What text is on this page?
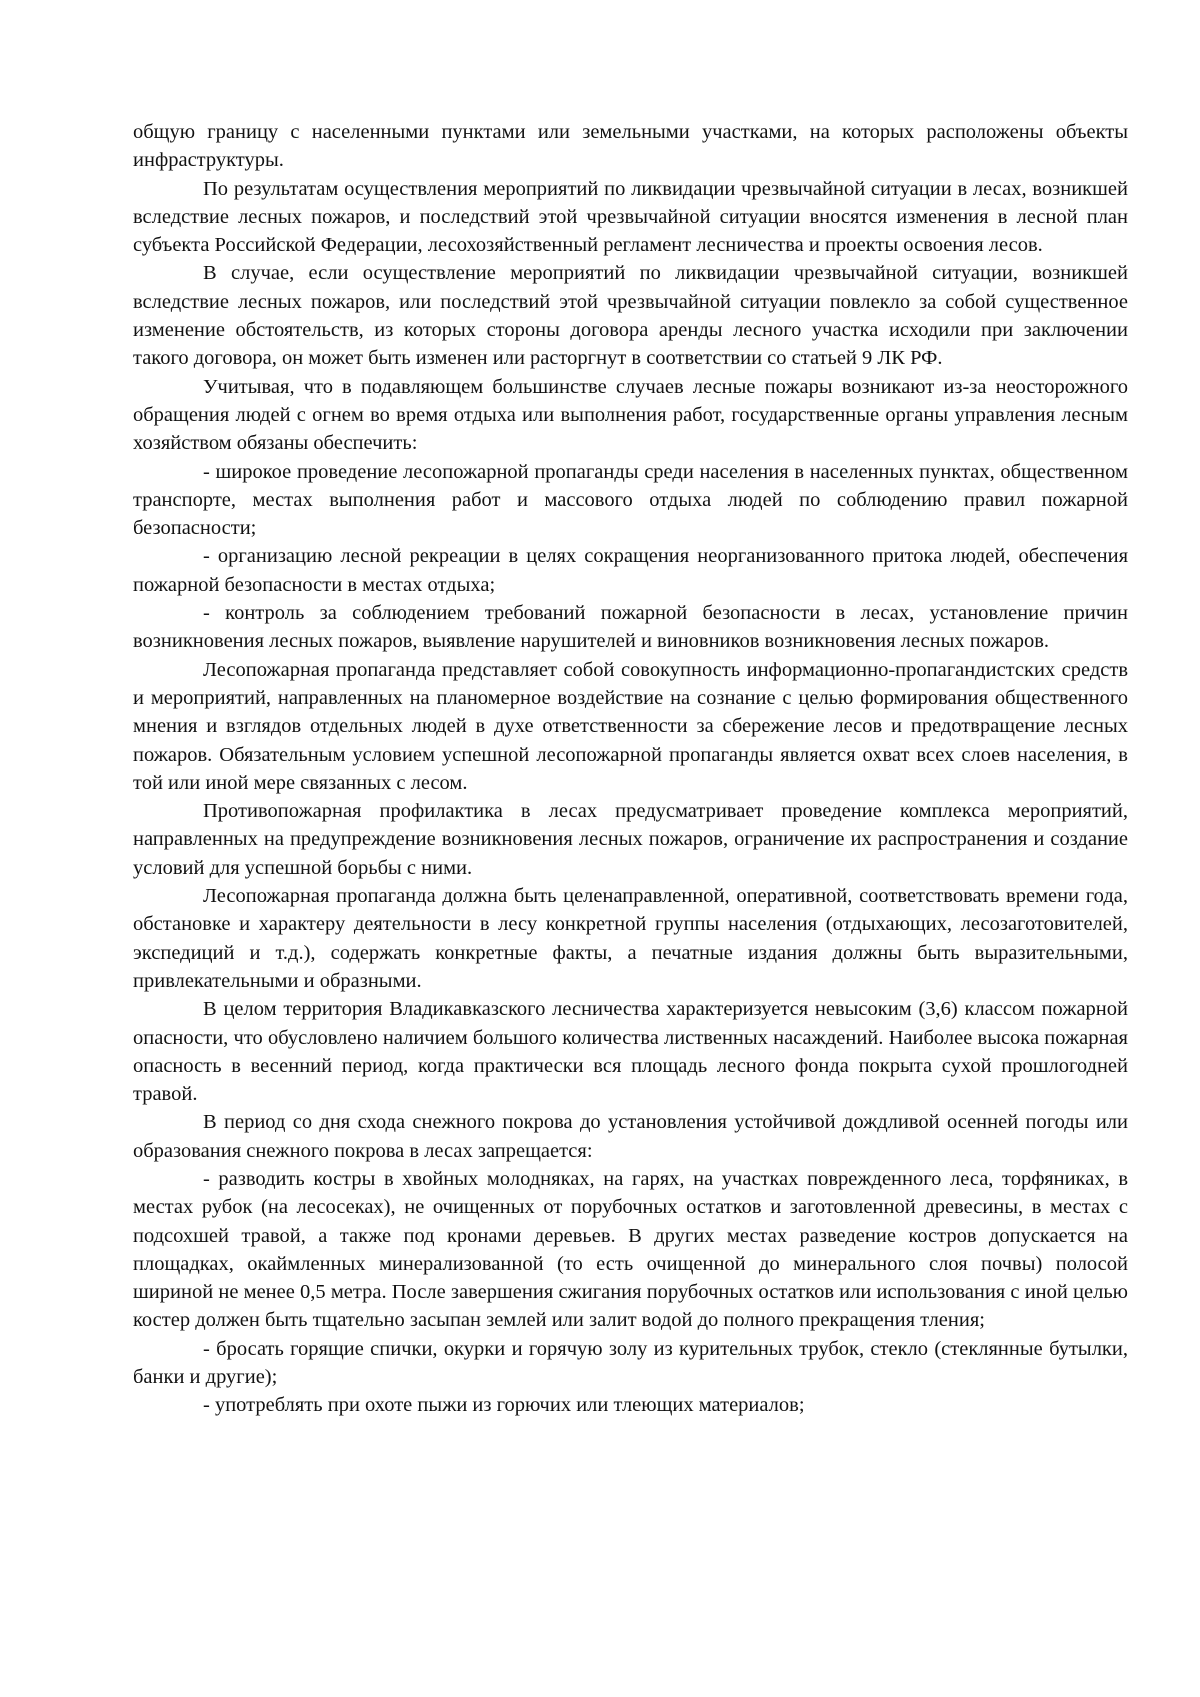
общую границу с населенными пунктами или земельными участками, на которых расположены объекты инфраструктуры.

По результатам осуществления мероприятий по ликвидации чрезвычайной ситуации в лесах, возникшей вследствие лесных пожаров, и последствий этой чрезвычайной ситуации вносятся изменения в лесной план субъекта Российской Федерации, лесохозяйственный регламент лесничества и проекты освоения лесов.

В случае, если осуществление мероприятий по ликвидации чрезвычайной ситуации, возникшей вследствие лесных пожаров, или последствий этой чрезвычайной ситуации повлекло за собой существенное изменение обстоятельств, из которых стороны договора аренды лесного участка исходили при заключении такого договора, он может быть изменен или расторгнут в соответствии со статьей 9 ЛК РФ.

Учитывая, что в подавляющем большинстве случаев лесные пожары возникают из-за неосторожного обращения людей с огнем во время отдыха или выполнения работ, государственные органы управления лесным хозяйством обязаны обеспечить:

- широкое проведение лесопожарной пропаганды среди населения в населенных пунктах, общественном транспорте, местах выполнения работ и массового отдыха людей по соблюдению правил пожарной безопасности;

- организацию лесной рекреации в целях сокращения неорганизованного притока людей, обеспечения пожарной безопасности в местах отдыха;

- контроль за соблюдением требований пожарной безопасности в лесах, установление причин возникновения лесных пожаров, выявление нарушителей и виновников возникновения лесных пожаров.

Лесопожарная пропаганда представляет собой совокупность информационно-пропагандистских средств и мероприятий, направленных на планомерное воздействие на сознание с целью формирования общественного мнения и взглядов отдельных людей в духе ответственности за сбережение лесов и предотвращение лесных пожаров. Обязательным условием успешной лесопожарной пропаганды является охват всех слоев населения, в той или иной мере связанных с лесом.

Противопожарная профилактика в лесах предусматривает проведение комплекса мероприятий, направленных на предупреждение возникновения лесных пожаров, ограничение их распространения и создание условий для успешной борьбы с ними.

Лесопожарная пропаганда должна быть целенаправленной, оперативной, соответствовать времени года, обстановке и характеру деятельности в лесу конкретной группы населения (отдыхающих, лесозаготовителей, экспедиций и т.д.), содержать конкретные факты, а печатные издания должны быть выразительными, привлекательными и образными.

В целом территория Владикавказского лесничества характеризуется невысоким (3,6) классом пожарной опасности, что обусловлено наличием большого количества лиственных насаждений. Наиболее высока пожарная опасность в весенний период, когда практически вся площадь лесного фонда покрыта сухой прошлогодней травой.

В период со дня схода снежного покрова до установления устойчивой дождливой осенней погоды или образования снежного покрова в лесах запрещается:

- разводить костры в хвойных молодняках, на гарях, на участках поврежденного леса, торфяниках, в местах рубок (на лесосеках), не очищенных от порубочных остатков и заготовленной древесины, в местах с подсохшей травой, а также под кронами деревьев. В других местах разведение костров допускается на площадках, окаймленных минерализованной (то есть очищенной до минерального слоя почвы) полосой шириной не менее 0,5 метра. После завершения сжигания порубочных остатков или использования с иной целью костер должен быть тщательно засыпан землей или залит водой до полного прекращения тления;

- бросать горящие спички, окурки и горячую золу из курительных трубок, стекло (стеклянные бутылки, банки и другие);

- употреблять при охоте пыжи из горючих или тлеющих материалов;
